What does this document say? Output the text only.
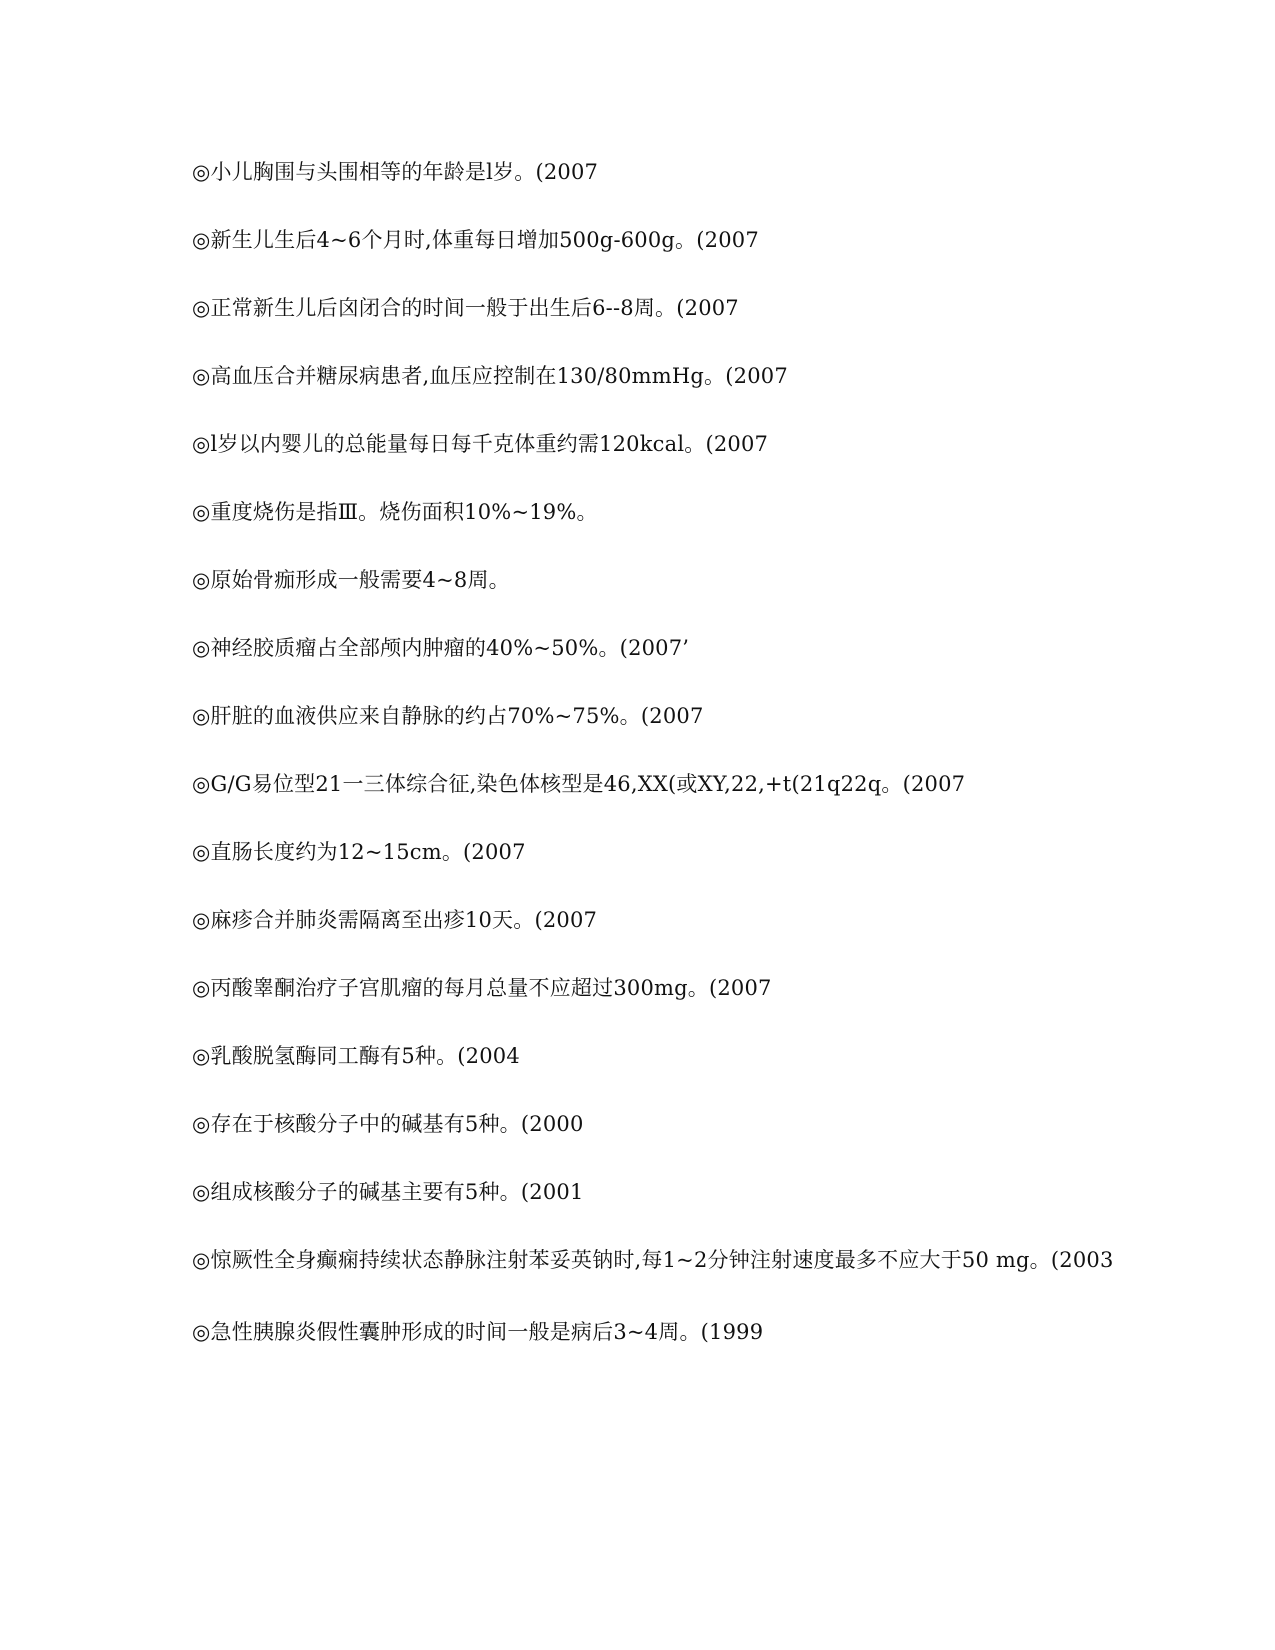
◎小儿胸围与头围相等的年龄是l岁。(2007

◎新生儿生后4~6个月时,体重每日增加500g-600g。(2007

◎正常新生儿后囟闭合的时间一般于出生后6--8周。(2007

◎高血压合并糖尿病患者,血压应控制在130/80mmHg。(2007

◎l岁以内婴儿的总能量每日每千克体重约需120kcal。(2007

◎重度烧伤是指Ⅲ。烧伤面积10%~19%。

◎原始骨痂形成一般需要4~8周。

◎神经胶质瘤占全部颅内肿瘤的40%~50%。(2007’

◎肝脏的血液供应来自静脉的约占70%~75%。(2007

◎G/G易位型21一三体综合征,染色体核型是46,XX(或XY,22,+t(21q22q。(2007

◎直肠长度约为12~15cm。(2007

◎麻疹合并肺炎需隔离至出疹10天。(2007

◎丙酸睾酮治疗子宫肌瘤的每月总量不应超过300mg。(2007

◎乳酸脱氢酶同工酶有5种。(2004

◎存在于核酸分子中的碱基有5种。(2000

◎组成核酸分子的碱基主要有5种。(2001

◎惊厥性全身癫痫持续状态静脉注射苯妥英钠时,每1~2分钟注射速度最多不应大于50 mg。(2003

◎急性胰腺炎假性囊肿形成的时间一般是病后3~4周。(1999
